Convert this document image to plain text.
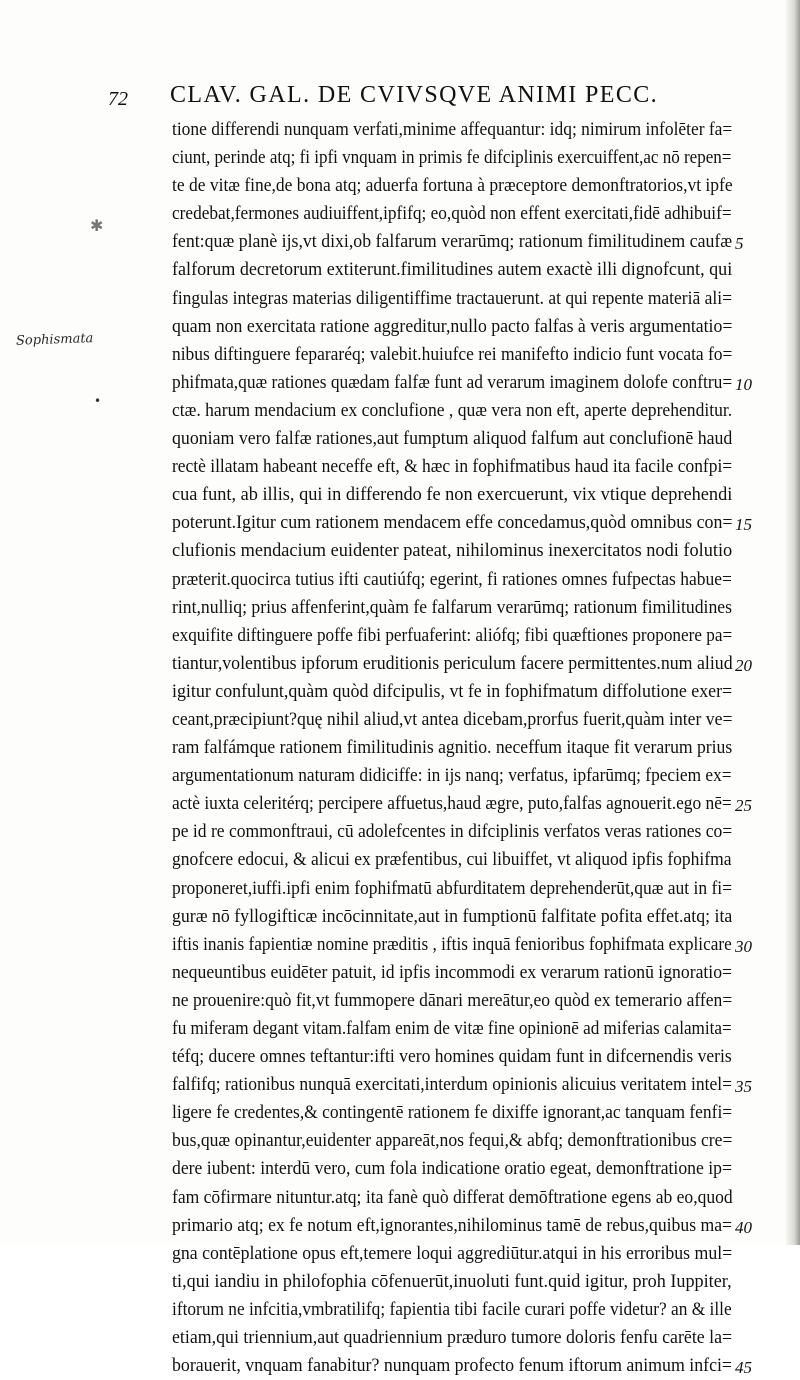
✱
•
72 CLAV. GAL. DE CVIVSQVE ANIMI PECC.
Sophismata
tione differendi nunquam verfati,minime affequantur: idq; nimirum infolēter fa=
ciunt, perinde atq; fi ipfi vnquam in primis fe difciplinis exercuiffent,ac nō repen=
te de vitæ fine,de bona atq; aduerfa fortuna à præceptore demonftratorios,vt ipfe
credebat,fermones audiuiffent,ipfifq; eo,quòd non effent exercitati,fidē adhibuif=
fent:quæ planè ijs,vt dixi,ob falfarum verarūmq; rationum fimilitudinem caufæ
falforum decretorum extiterunt.fimilitudines autem exactè illi dignofcunt, qui
fingulas integras materias diligentiffime tractauerunt. at qui repente materiā ali=
quam non exercitata ratione aggreditur,nullo pacto falfas à veris argumentatio=
nibus diftinguere fepararéq; valebit.huiufce rei manifefto indicio funt vocata fo=
phifmata,quæ rationes quædam falfæ funt ad verarum imaginem dolofe conftru=
ctæ. harum mendacium ex conclufione , quæ vera non eft, aperte deprehenditur.
quoniam vero falfæ rationes,aut fumptum aliquod falfum aut conclufionē haud
rectè illatam habeant neceffe eft, & hæc in fophifmatibus haud ita facile confpi=
cua funt, ab illis, qui in differendo fe non exercuerunt, vix vtique deprehendi
poterunt.Igitur cum rationem mendacem effe concedamus,quòd omnibus con=
clufionis mendacium euidenter pateat, nihilominus inexercitatos nodi folutio
præterit.quocirca tutius ifti cautiúfq; egerint, fi rationes omnes fufpectas habue=
rint,nulliq; prius affenferint,quàm fe falfarum verarūmq; rationum fimilitudines
exquifite diftinguere poffe fibi perfuaferint: aliófq; fibi quæftiones proponere pa=
tiantur,volentibus ipforum eruditionis periculum facere permittentes.num aliud
igitur confulunt,quàm quòd difcipulis, vt fe in fophifmatum diffolutione exer=
ceant,præcipiunt?quę nihil aliud,vt antea dicebam,prorfus fuerit,quàm inter ve=
ram falfámque rationem fimilitudinis agnitio. neceffum itaque fit verarum prius
argumentationum naturam didiciffe: in ijs nanq; verfatus, ipfarūmq; fpeciem ex=
actè iuxta celeritérq; percipere affuetus,haud ægre, puto,falfas agnouerit.ego nē=
pe id re commonftraui, cū adolefcentes in difciplinis verfatos veras rationes co=
gnofcere edocui, & alicui ex præfentibus, cui libuiffet, vt aliquod ipfis fophifma
proponeret,iuffi.ipfi enim fophifmatū abfurditatem deprehenderūt,quæ aut in fi=
guræ nō fyllogifticæ incōcinnitate,aut in fumptionū falfitate pofita effet.atq; ita
iftis inanis fapientiæ nomine præditis , iftis inquā fenioribus fophifmata explicare
nequeuntibus euidēter patuit, id ipfis incommodi ex verarum rationū ignoratio=
ne prouenire:quò fit,vt fummopere dānari mereātur,eo quòd ex temerario affen=
fu miferam degant vitam.falfam enim de vitæ fine opinionē ad miferias calamita=
téfq; ducere omnes teftantur:ifti vero homines quidam funt in difcernendis veris
falfifq; rationibus nunquā exercitati,interdum opinionis alicuius veritatem intel=
ligere fe credentes,& contingentē rationem fe dixiffe ignorant,ac tanquam fenfi=
bus,quæ opinantur,euidenter appareāt,nos fequi,& abfq; demonftrationibus cre=
dere iubent: interdū vero, cum fola indicatione oratio egeat, demonftratione ip=
fam cōfirmare nituntur.atq; ita fanè quò differat demōftratione egens ab eo,quod
primario atq; ex fe notum eft,ignorantes,nihilominus tamē de rebus,quibus ma=
gna contēplatione opus eft,temere loqui aggrediūtur.atqui in his erroribus mul=
ti,qui iandiu in philofophia cōfenuerūt,inuoluti funt.quid igitur, proh Iuppiter,
iftorum ne infcitia,vmbratilifq; fapientia tibi facile curari poffe videtur? an & ille
etiam,qui triennium,aut quadriennium præduro tumore doloris fenfu carēte la=
borauerit, vnquam fanabitur? nunquam profecto fenum iftorum animum infci=
5
10
15
20
25
30
35
40
45
